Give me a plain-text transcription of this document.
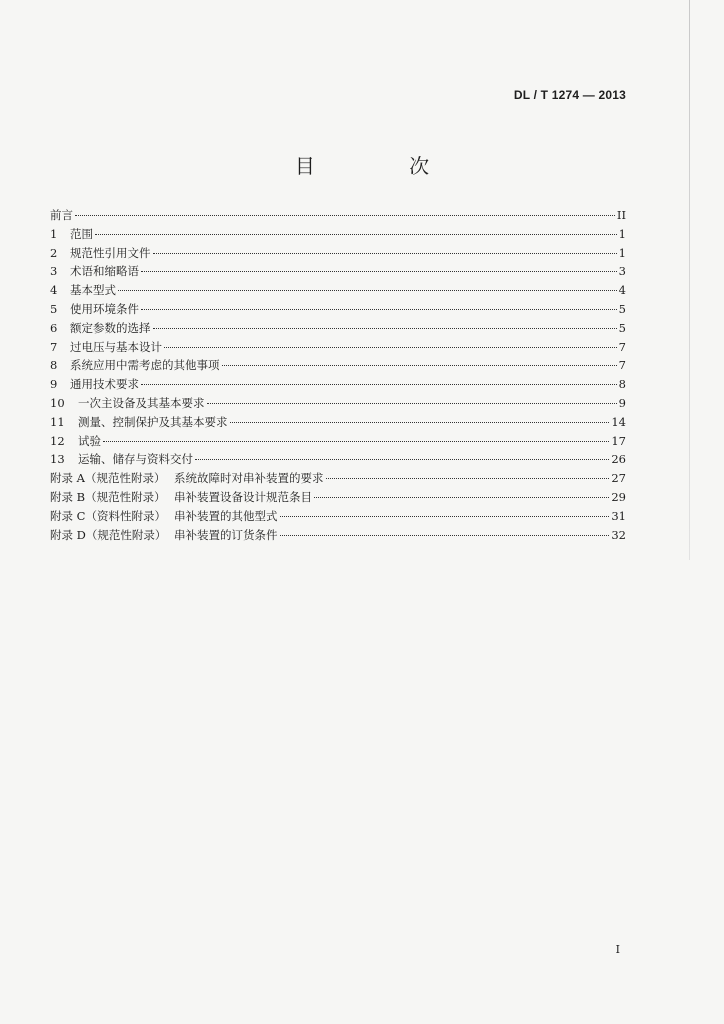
DL / T 1274 — 2013
目 次
前言	II
1	范围	1
2	规范性引用文件	1
3	术语和缩略语	3
4	基本型式	4
5	使用环境条件	5
6	额定参数的选择	5
7	过电压与基本设计	7
8	系统应用中需考虑的其他事项	7
9	通用技术要求	8
10	一次主设备及其基本要求	9
11	测量、控制保护及其基本要求	14
12	试验	17
13	运输、储存与资料交付	26
附录 A（规范性附录） 系统故障时对串补装置的要求	27
附录 B（规范性附录） 串补装置设备设计规范条目	29
附录 C（资料性附录） 串补装置的其他型式	31
附录 D（规范性附录） 串补装置的订货条件	32
I
